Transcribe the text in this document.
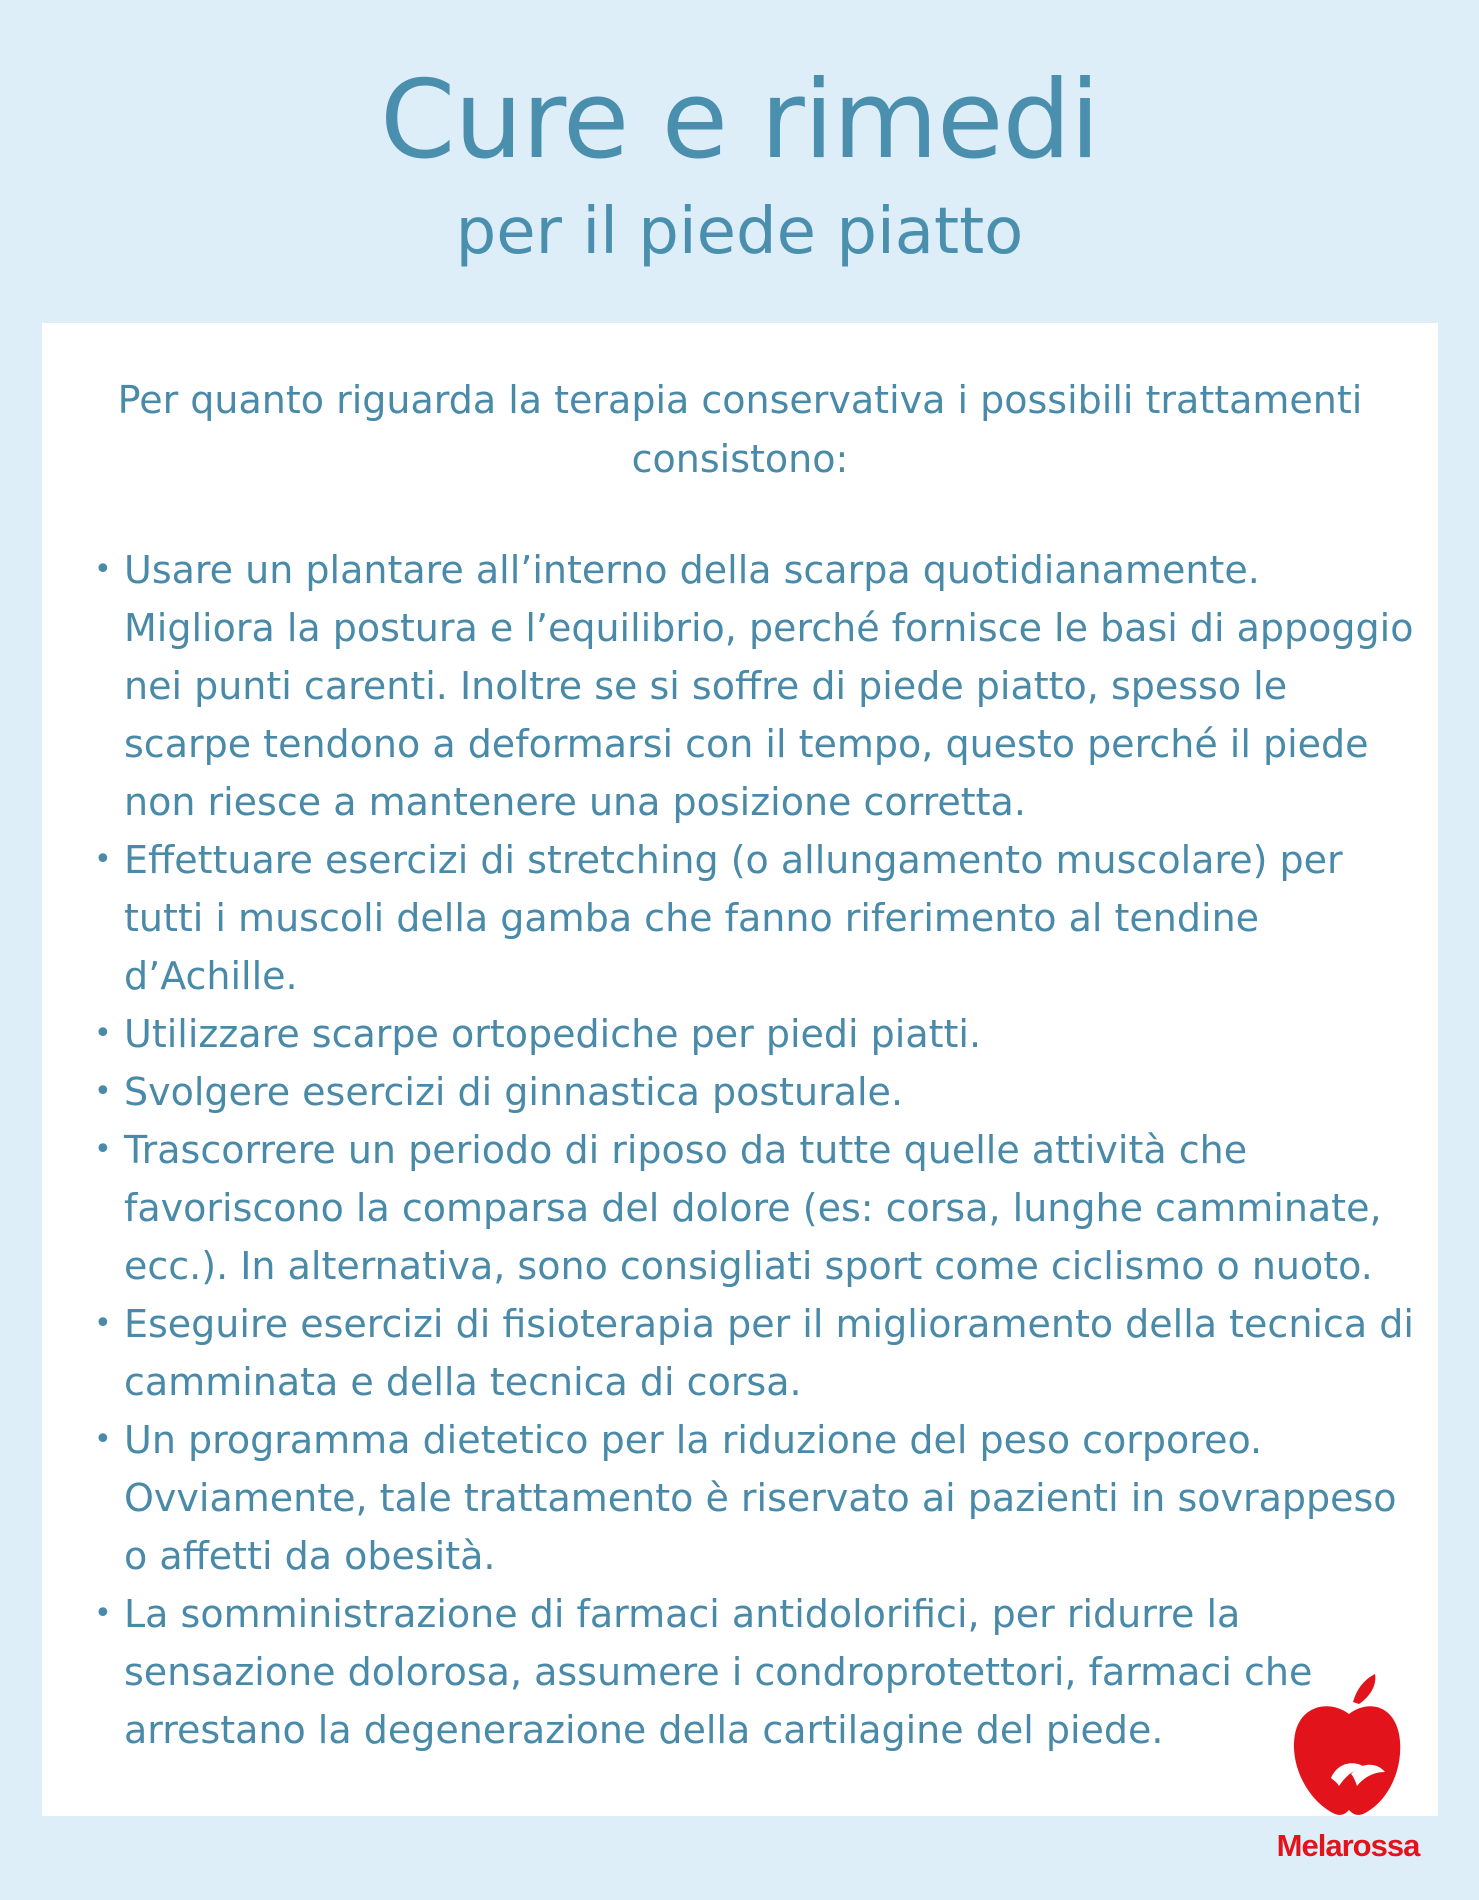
Cure e rimedi
per il piede piatto

Per quanto riguarda la terapia conservativa i possibili trattamenti consistono:

• Usare un plantare all’interno della scarpa quotidianamente. Migliora la postura e l’equilibrio, perché fornisce le basi di appoggio nei punti carenti. Inoltre se si soffre di piede piatto, spesso le scarpe tendono a deformarsi con il tempo, questo perché il piede non riesce a mantenere una posizione corretta.
• Effettuare esercizi di stretching (o allungamento muscolare) per tutti i muscoli della gamba che fanno riferimento al tendine d’Achille.
• Utilizzare scarpe ortopediche per piedi piatti.
• Svolgere esercizi di ginnastica posturale.
• Trascorrere un periodo di riposo da tutte quelle attività che favoriscono la comparsa del dolore (es: corsa, lunghe camminate, ecc.). In alternativa, sono consigliati sport come ciclismo o nuoto.
• Eseguire esercizi di fisioterapia per il miglioramento della tecnica di camminata e della tecnica di corsa.
• Un programma dietetico per la riduzione del peso corporeo. Ovviamente, tale trattamento è riservato ai pazienti in sovrappeso o affetti da obesità.
• La somministrazione di farmaci antidolorifici, per ridurre la sensazione dolorosa, assumere i condroprotettori, farmaci che arrestano la degenerazione della cartilagine del piede.
Melarossa
